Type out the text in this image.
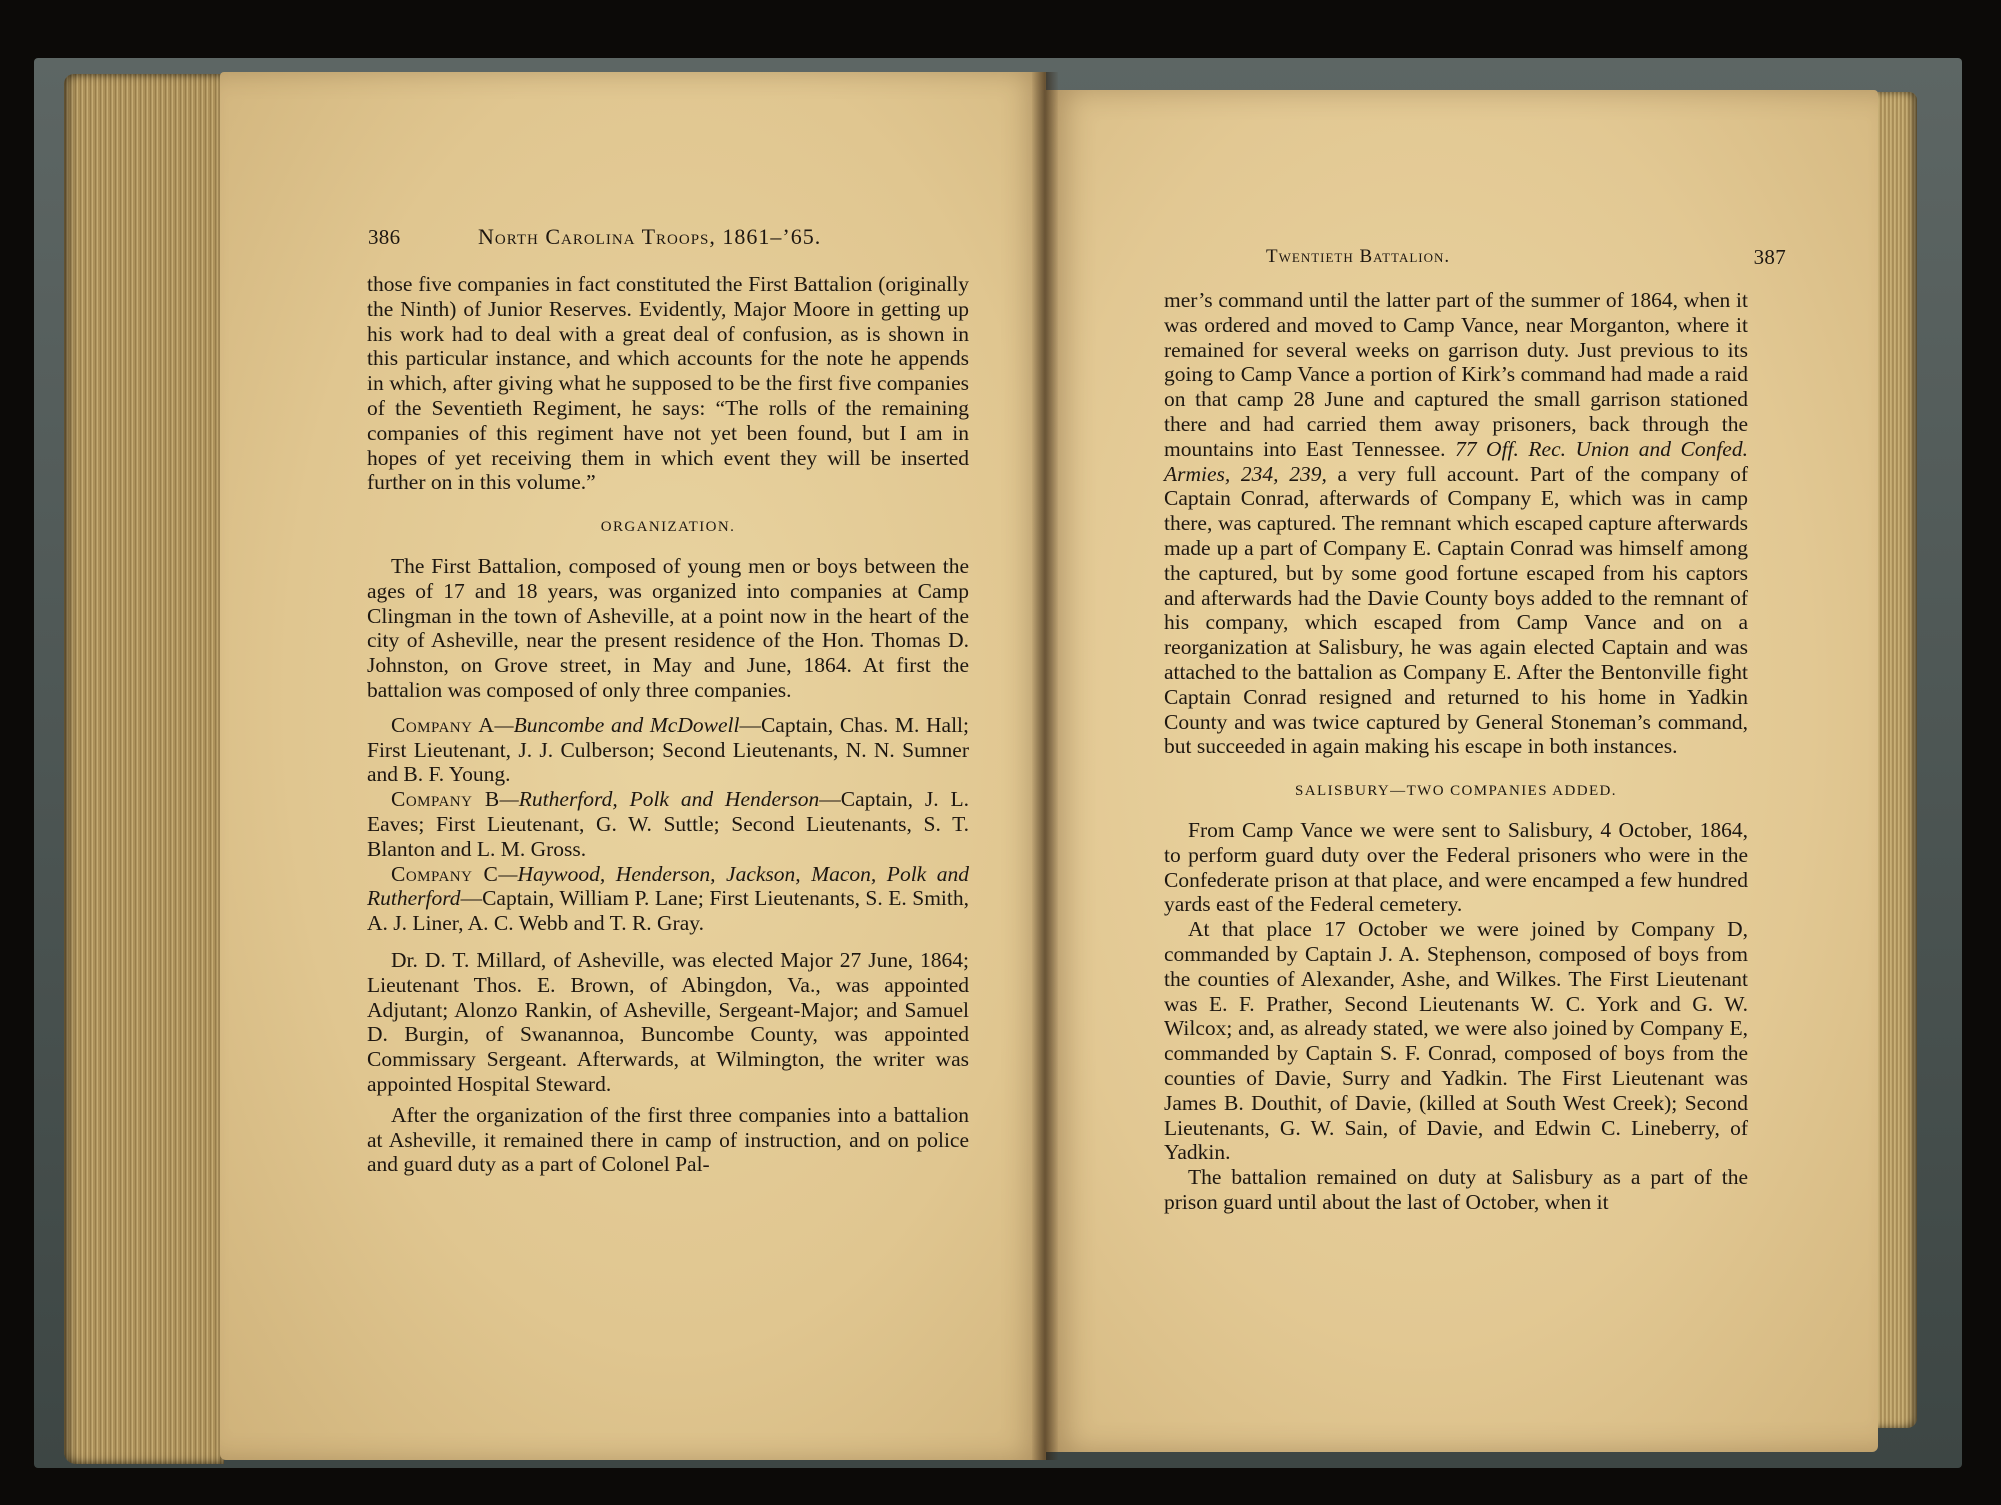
386	North Carolina Troops, 1861–’65.

those five companies in fact constituted the First Battalion (originally the Ninth) of Junior Reserves. Evidently, Major Moore in getting up his work had to deal with a great deal of confusion, as is shown in this particular instance, and which accounts for the note he appends in which, after giving what he supposed to be the first five companies of the Seventieth Regiment, he says: “The rolls of the remaining companies of this regiment have not yet been found, but I am in hopes of yet receiving them in which event they will be inserted further on in this volume.”

ORGANIZATION.

The First Battalion, composed of young men or boys between the ages of 17 and 18 years, was organized into companies at Camp Clingman in the town of Asheville, at a point now in the heart of the city of Asheville, near the present residence of the Hon. Thomas D. Johnston, on Grove street, in May and June, 1864. At first the battalion was composed of only three companies.

Company A—Buncombe and McDowell—Captain, Chas. M. Hall; First Lieutenant, J. J. Culberson; Second Lieutenants, N. N. Sumner and B. F. Young.

Company B—Rutherford, Polk and Henderson—Captain, J. L. Eaves; First Lieutenant, G. W. Suttle; Second Lieutenants, S. T. Blanton and L. M. Gross.

Company C—Haywood, Henderson, Jackson, Macon, Polk and Rutherford—Captain, William P. Lane; First Lieutenants, S. E. Smith, A. J. Liner, A. C. Webb and T. R. Gray.

Dr. D. T. Millard, of Asheville, was elected Major 27 June, 1864; Lieutenant Thos. E. Brown, of Abingdon, Va., was appointed Adjutant; Alonzo Rankin, of Asheville, Sergeant-Major; and Samuel D. Burgin, of Swanannoa, Buncombe County, was appointed Commissary Sergeant. Afterwards, at Wilmington, the writer was appointed Hospital Steward.

After the organization of the first three companies into a battalion at Asheville, it remained there in camp of instruction, and on police and guard duty as a part of Colonel Pal-

Twentieth Battalion.	387

mer’s command until the latter part of the summer of 1864, when it was ordered and moved to Camp Vance, near Morganton, where it remained for several weeks on garrison duty. Just previous to its going to Camp Vance a portion of Kirk’s command had made a raid on that camp 28 June and captured the small garrison stationed there and had carried them away prisoners, back through the mountains into East Tennessee. 77 Off. Rec. Union and Confed. Armies, 234, 239, a very full account. Part of the company of Captain Conrad, afterwards of Company E, which was in camp there, was captured. The remnant which escaped capture afterwards made up a part of Company E. Captain Conrad was himself among the captured, but by some good fortune escaped from his captors and afterwards had the Davie County boys added to the remnant of his company, which escaped from Camp Vance and on a reorganization at Salisbury, he was again elected Captain and was attached to the battalion as Company E. After the Bentonville fight Captain Conrad resigned and returned to his home in Yadkin County and was twice captured by General Stoneman’s command, but succeeded in again making his escape in both instances.

SALISBURY—TWO COMPANIES ADDED.

From Camp Vance we were sent to Salisbury, 4 October, 1864, to perform guard duty over the Federal prisoners who were in the Confederate prison at that place, and were encamped a few hundred yards east of the Federal cemetery.

At that place 17 October we were joined by Company D, commanded by Captain J. A. Stephenson, composed of boys from the counties of Alexander, Ashe, and Wilkes. The First Lieutenant was E. F. Prather, Second Lieutenants W. C. York and G. W. Wilcox; and, as already stated, we were also joined by Company E, commanded by Captain S. F. Conrad, composed of boys from the counties of Davie, Surry and Yadkin. The First Lieutenant was James B. Douthit, of Davie, (killed at South West Creek); Second Lieutenants, G. W. Sain, of Davie, and Edwin C. Lineberry, of Yadkin.

The battalion remained on duty at Salisbury as a part of the prison guard until about the last of October, when it
